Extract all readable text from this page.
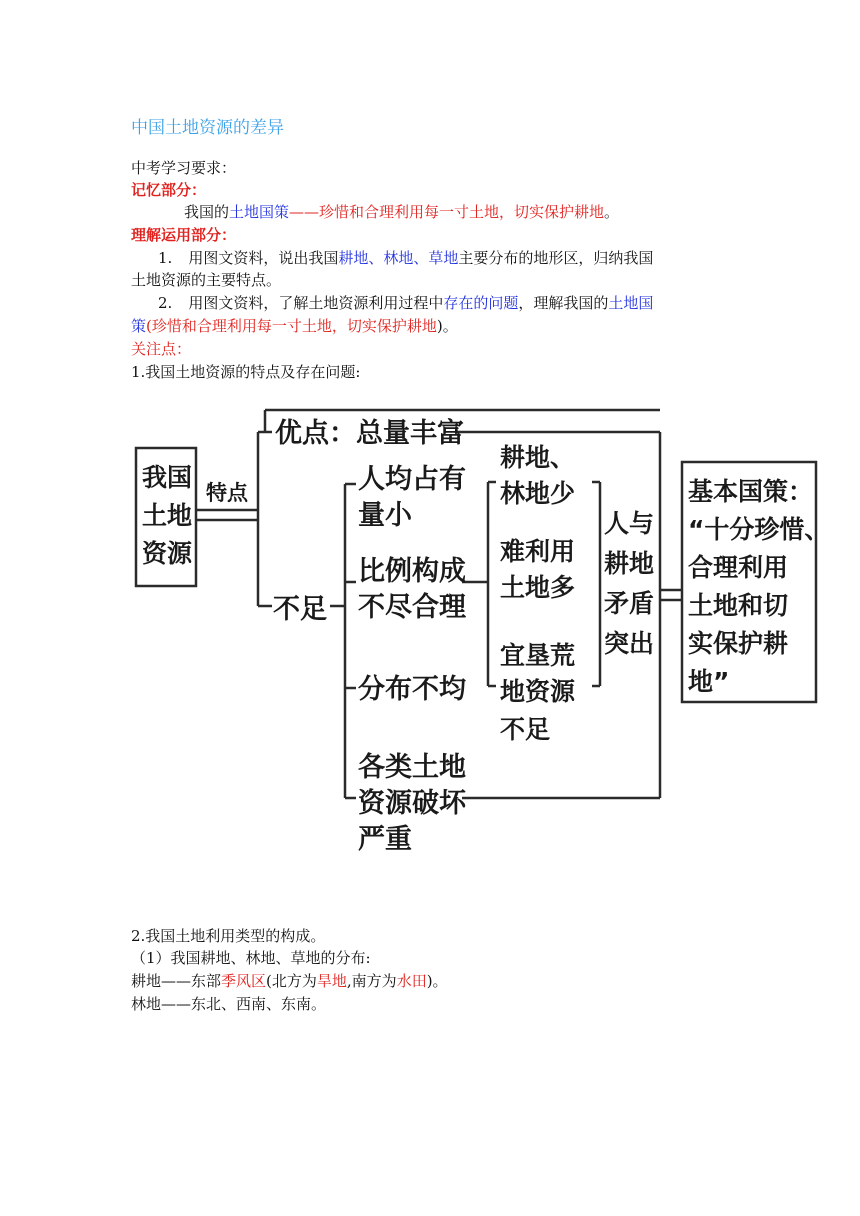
中国土地资源的差异
中考学习要求：
记忆部分：
我国的土地国策——珍惜和合理利用每一寸土地，切实保护耕地。
理解运用部分：
1. 用图文资料，说出我国耕地、林地、草地主要分布的地形区，归纳我国
土地资源的主要特点。
2. 用图文资料，了解土地资源利用过程中存在的问题，理解我国的土地国
策(珍惜和合理利用每一寸土地，切实保护耕地)。
关注点：
1.我国土地资源的特点及存在问题:
我国
土地
资源
特点
优点：总量丰富
不足
人均占有
量小
比例构成
不尽合理
分布不均
各类土地
资源破坏
严重
耕地、
林地少
难利用
土地多
宜垦荒
地资源
不足
人与
耕地
矛盾
突出
基本国策：
“十分珍惜、
合理利用
土地和切
实保护耕
地”
2.我国土地利用类型的构成。
（1）我国耕地、林地、草地的分布:
耕地——东部季风区(北方为旱地,南方为水田)。
林地——东北、西南、东南。
